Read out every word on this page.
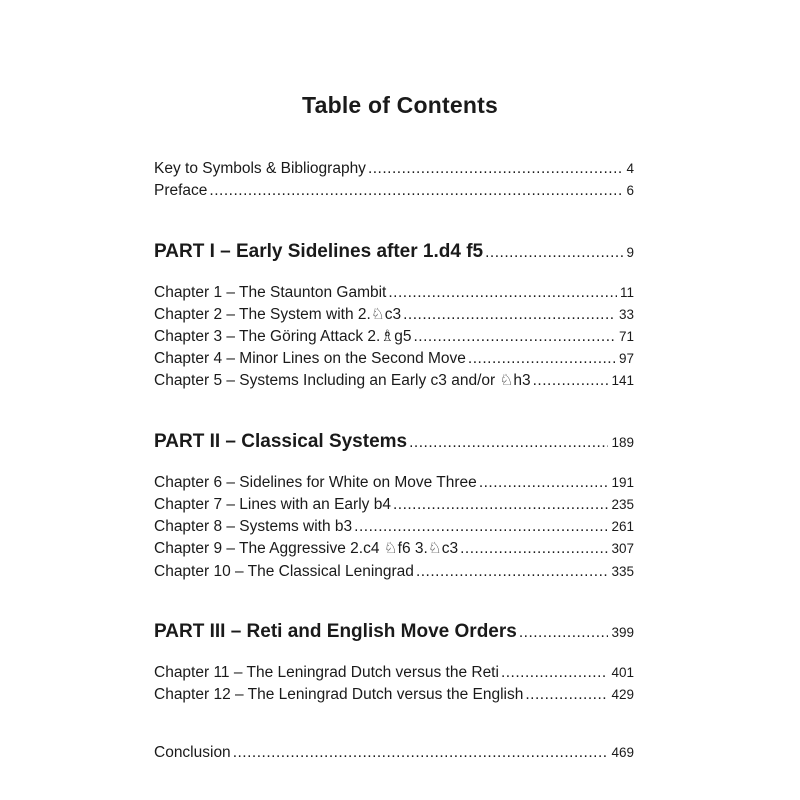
Table of Contents
Key to Symbols & Bibliography .....	4
Preface .....	6
PART I – Early Sidelines after 1.d4 f5 .....	9
Chapter 1 – The Staunton Gambit .....	11
Chapter 2 – The System with 2.♘c3 .....	33
Chapter 3 – The Göring Attack 2.♗g5 .....	71
Chapter 4 – Minor Lines on the Second Move .....	97
Chapter 5 – Systems Including an Early c3 and/or ♘h3 .....	141
PART II – Classical Systems .....	189
Chapter 6 – Sidelines for White on Move Three .....	191
Chapter 7 – Lines with an Early b4 .....	235
Chapter 8 – Systems with b3 .....	261
Chapter 9 – The Aggressive 2.c4 ♘f6 3.♘c3 .....	307
Chapter 10 – The Classical Leningrad .....	335
PART III – Reti and English Move Orders .....	399
Chapter 11 – The Leningrad Dutch versus the Reti .....	401
Chapter 12 – The Leningrad Dutch versus the English .....	429
Conclusion .....	469
